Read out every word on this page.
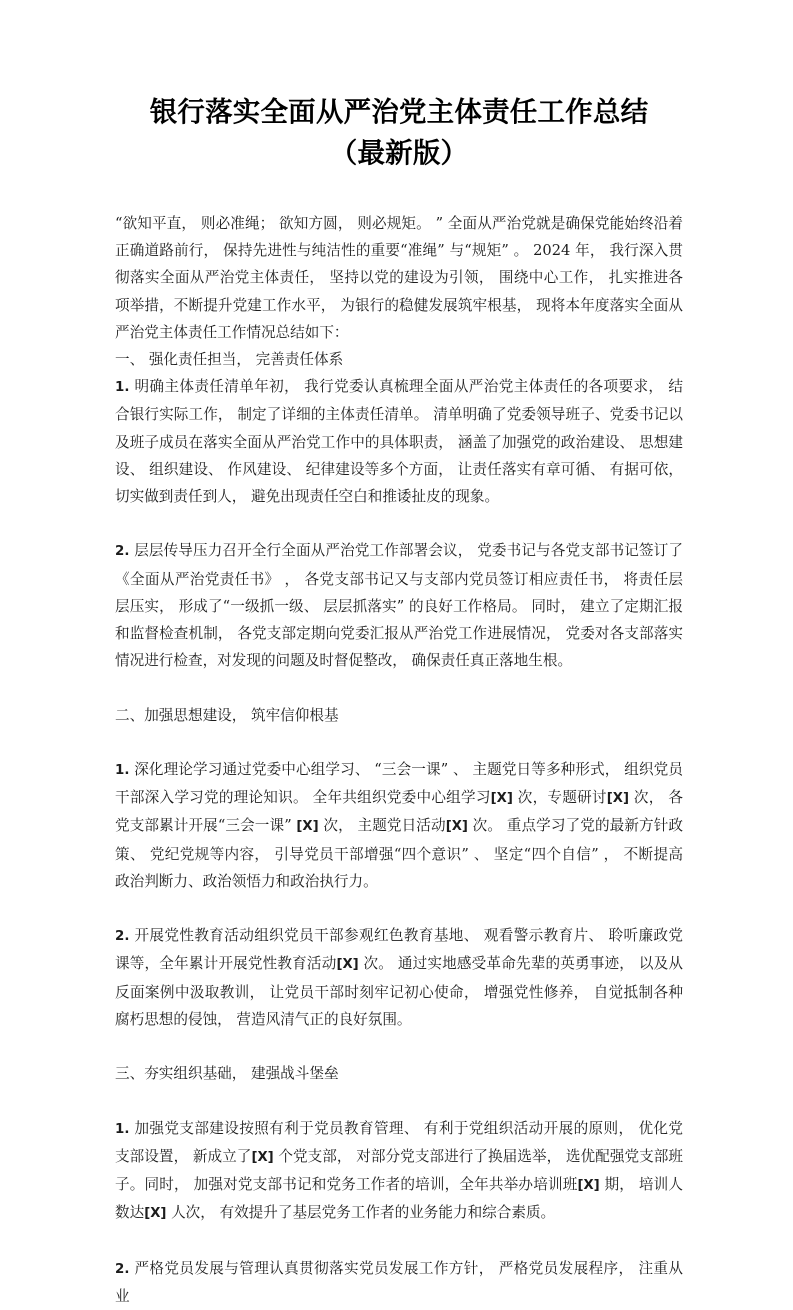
银行落实全面从严治党主体责任工作总结
（最新版）

“欲知平直， 则必准绳； 欲知方圆， 则必规矩。 ” 全面从严治党就是确保党能始终沿着正确道路前行， 保持先进性与纯洁性的重要“准绳” 与“规矩” 。 2024 年， 我行深入贯彻落实全面从严治党主体责任， 坚持以党的建设为引领， 围绕中心工作， 扎实推进各项举措，不断提升党建工作水平， 为银行的稳健发展筑牢根基， 现将本年度落实全面从严治党主体责任工作情况总结如下：

一、 强化责任担当， 完善责任体系

1. 明确主体责任清单年初， 我行党委认真梳理全面从严治党主体责任的各项要求， 结合银行实际工作， 制定了详细的主体责任清单。 清单明确了党委领导班子、党委书记以及班子成员在落实全面从严治党工作中的具体职责， 涵盖了加强党的政治建设、 思想建设、 组织建设、 作风建设、 纪律建设等多个方面， 让责任落实有章可循、 有据可依， 切实做到责任到人， 避免出现责任空白和推诿扯皮的现象。

2. 层层传导压力召开全行全面从严治党工作部署会议， 党委书记与各党支部书记签订了《全面从严治党责任书》 ， 各党支部书记又与支部内党员签订相应责任书， 将责任层层压实， 形成了“一级抓一级、 层层抓落实” 的良好工作格局。 同时， 建立了定期汇报和监督检查机制， 各党支部定期向党委汇报从严治党工作进展情况， 党委对各支部落实情况进行检查，对发现的问题及时督促整改， 确保责任真正落地生根。

二、加强思想建设， 筑牢信仰根基

1. 深化理论学习通过党委中心组学习、 “三会一课” 、 主题党日等多种形式， 组织党员干部深入学习党的理论知识。 全年共组织党委中心组学习[X] 次，专题研讨[X] 次， 各党支部累计开展“三会一课” [X] 次， 主题党日活动[X] 次。 重点学习了党的最新方针政策、 党纪党规等内容， 引导党员干部增强“四个意识” 、 坚定“四个自信” ， 不断提高政治判断力、政治领悟力和政治执行力。

2. 开展党性教育活动组织党员干部参观红色教育基地、 观看警示教育片、 聆听廉政党课等，全年累计开展党性教育活动[X] 次。 通过实地感受革命先辈的英勇事迹， 以及从反面案例中汲取教训， 让党员干部时刻牢记初心使命， 增强党性修养， 自觉抵制各种腐朽思想的侵蚀， 营造风清气正的良好氛围。

三、夯实组织基础， 建强战斗堡垒

1. 加强党支部建设按照有利于党员教育管理、 有利于党组织活动开展的原则， 优化党支部设置， 新成立了[X] 个党支部， 对部分党支部进行了换届选举， 选优配强党支部班子。同时， 加强对党支部书记和党务工作者的培训，全年共举办培训班[X] 期， 培训人数达[X] 人次， 有效提升了基层党务工作者的业务能力和综合素质。

2. 严格党员发展与管理认真贯彻落实党员发展工作方针， 严格党员发展程序， 注重从业
